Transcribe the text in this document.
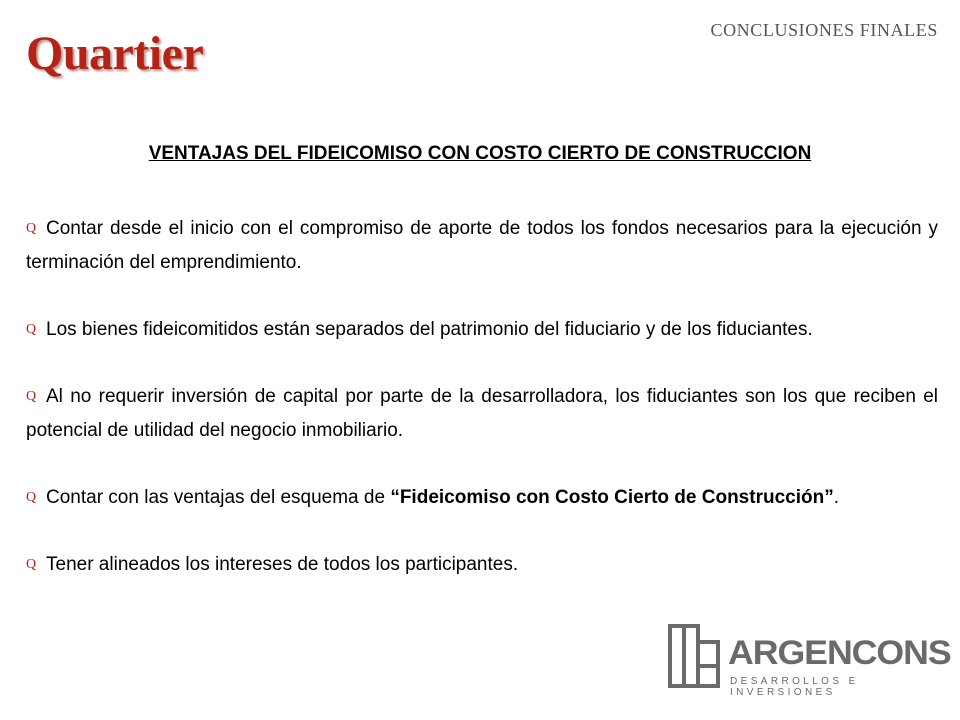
Quartier	CONCLUSIONES FINALES
VENTAJAS DEL FIDEICOMISO CON COSTO CIERTO DE CONSTRUCCION

Q Contar desde el inicio con el compromiso de aporte de todos los fondos necesarios para la ejecución y terminación del emprendimiento.

Q Los bienes fideicomitidos están separados del patrimonio del fiduciario y de los fiduciantes.

Q Al no requerir inversión de capital por parte de la desarrolladora, los fiduciantes son los que reciben el potencial de utilidad del negocio inmobiliario.

Q Contar con las ventajas del esquema de “Fideicomiso con Costo Cierto de Construcción”.

Q Tener alineados los intereses de todos los participantes.

ARGENCONS
DESARROLLOS E INVERSIONES
